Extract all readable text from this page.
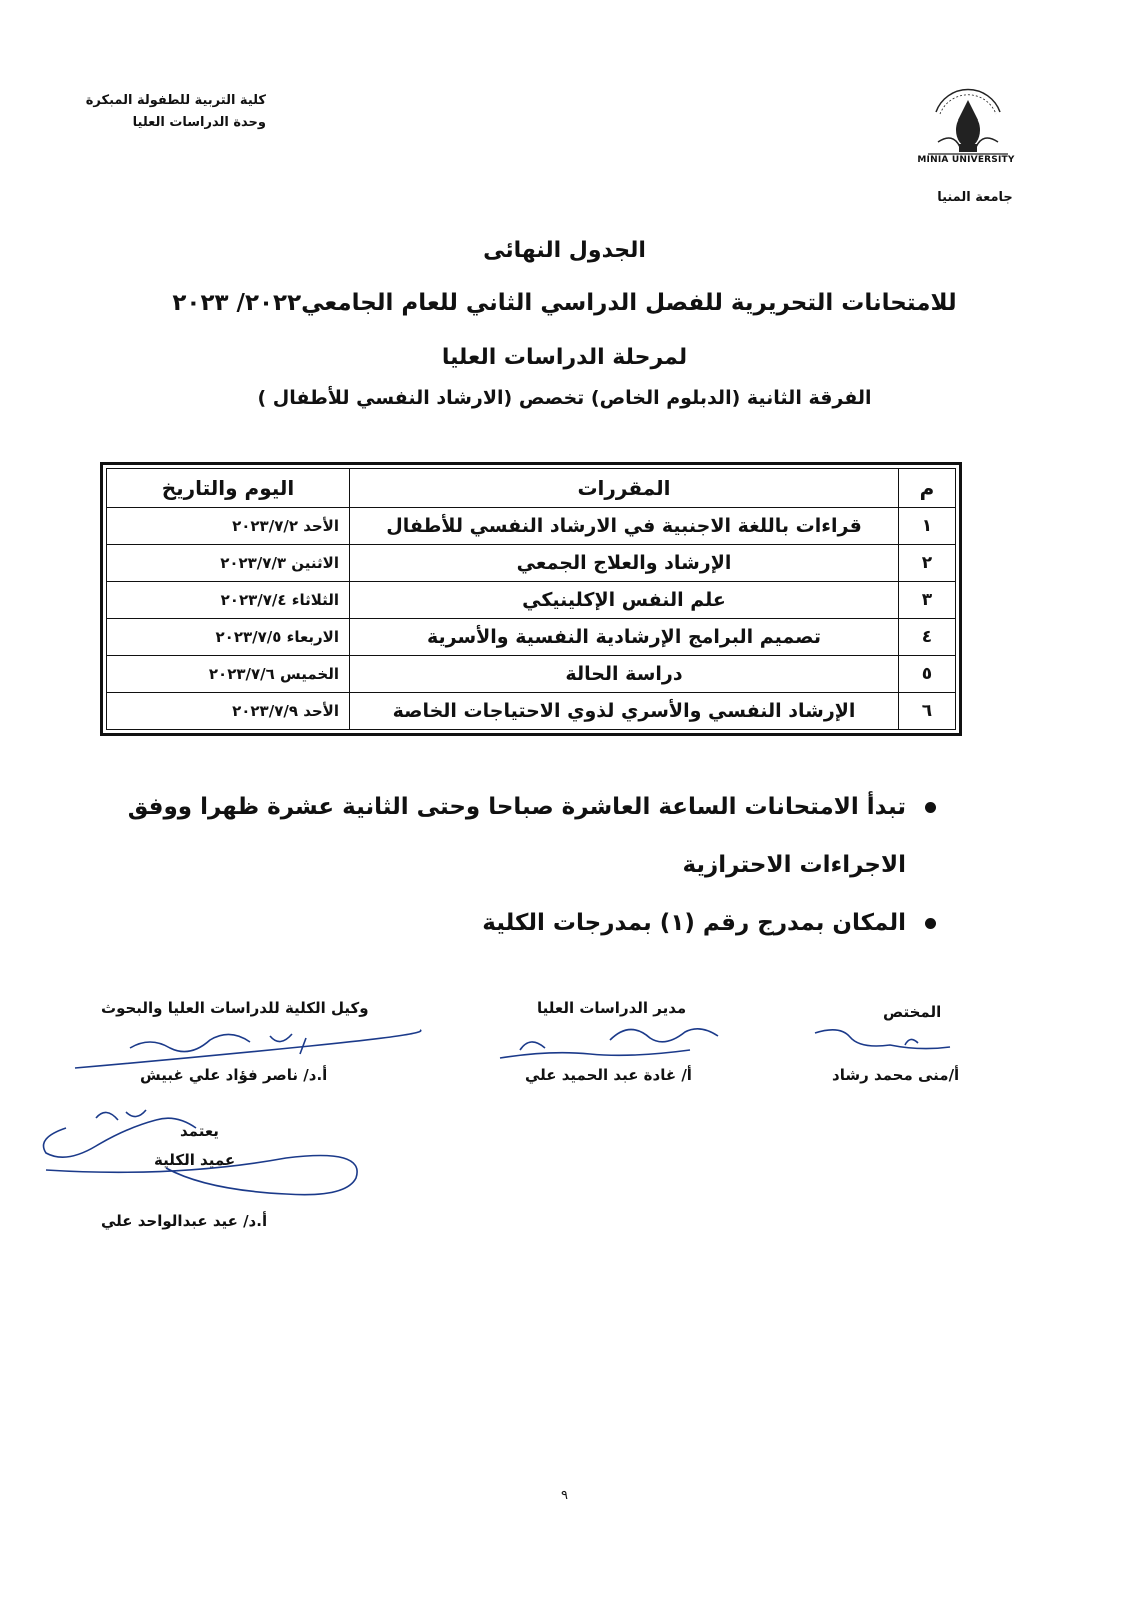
كلية التربية للطفولة المبكرة
وحدة الدراسات العليا
MINIA UNIVERSITY
جامعة المنيا
الجدول النهائى
للامتحانات التحريرية للفصل الدراسي الثاني للعام الجامعي٢٠٢٢/ ٢٠٢٣
لمرحلة الدراسات العليا
الفرقة الثانية (الدبلوم الخاص) تخصص (الارشاد النفسي للأطفال )
م	المقررات	اليوم والتاريخ
١	قراءات باللغة الاجنبية في الارشاد النفسي للأطفال	الأحد ٢٠٢٣/٧/٢
٢	الإرشاد والعلاج الجمعي	الاثنين ٢٠٢٣/٧/٣
٣	علم النفس الإكلينيكي	الثلاثاء ٢٠٢٣/٧/٤
٤	تصميم البرامج الإرشادية النفسية والأسرية	الاربعاء ٢٠٢٣/٧/٥
٥	دراسة الحالة	الخميس ٢٠٢٣/٧/٦
٦	الإرشاد النفسي والأسري لذوي الاحتياجات الخاصة	الأحد ٢٠٢٣/٧/٩
تبدأ الامتحانات الساعة العاشرة صباحا وحتى الثانية عشرة ظهرا ووفق الاجراءات الاحترازية
المكان بمدرج رقم (١) بمدرجات الكلية
المختص
أ/منى محمد رشاد
مدير الدراسات العليا
أ/ غادة عبد الحميد علي
وكيل الكلية للدراسات العليا والبحوث
أ.د/ ناصر فؤاد علي غبيش
يعتمد
عميد الكلية
أ.د/ عيد عبدالواحد علي
٩
